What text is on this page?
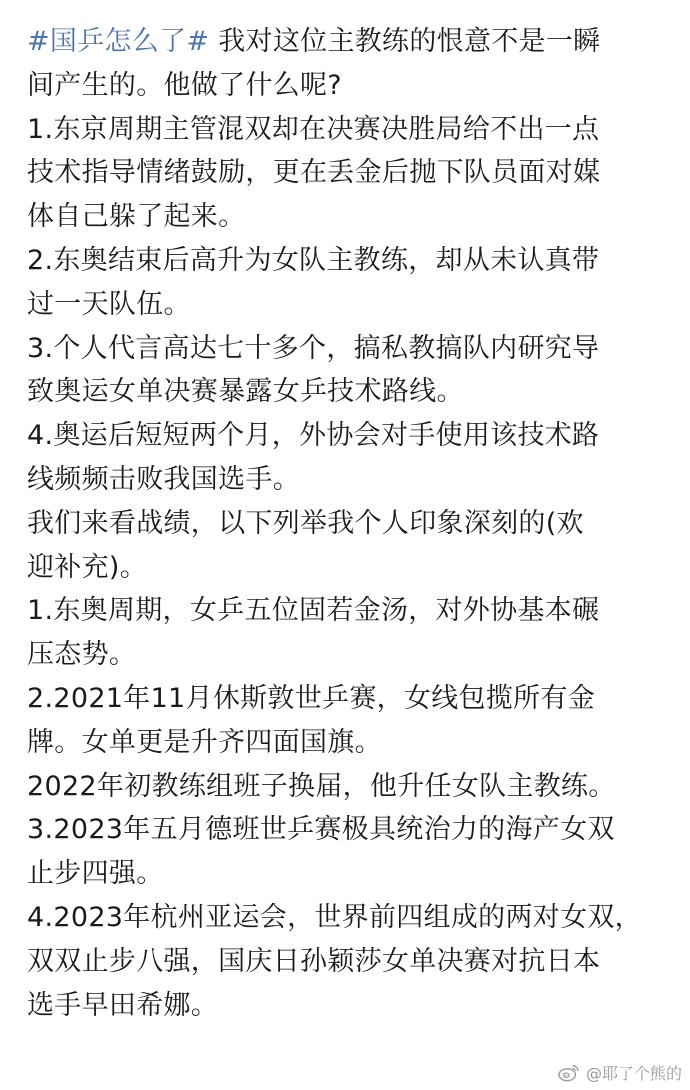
#国乒怎么了# 我对这位主教练的恨意不是一瞬
间产生的。他做了什么呢?
1.东京周期主管混双却在决赛决胜局给不出一点
技术指导情绪鼓励，更在丢金后抛下队员面对媒
体自己躲了起来。
2.东奥结束后高升为女队主教练，却从未认真带
过一天队伍。
3.个人代言高达七十多个，搞私教搞队内研究导
致奥运女单决赛暴露女乒技术路线。
4.奥运后短短两个月，外协会对手使用该技术路
线频频击败我国选手。
我们来看战绩，以下列举我个人印象深刻的(欢
迎补充)。
1.东奥周期，女乒五位固若金汤，对外协基本碾
压态势。
2.2021年11月休斯敦世乒赛，女线包揽所有金
牌。女单更是升齐四面国旗。
2022年初教练组班子换届，他升任女队主教练。
3.2023年五月德班世乒赛极具统治力的海产女双
止步四强。
4.2023年杭州亚运会，世界前四组成的两对女双，
双双止步八强，国庆日孙颖莎女单决赛对抗日本
选手早田希娜。
@耶了个熊的
